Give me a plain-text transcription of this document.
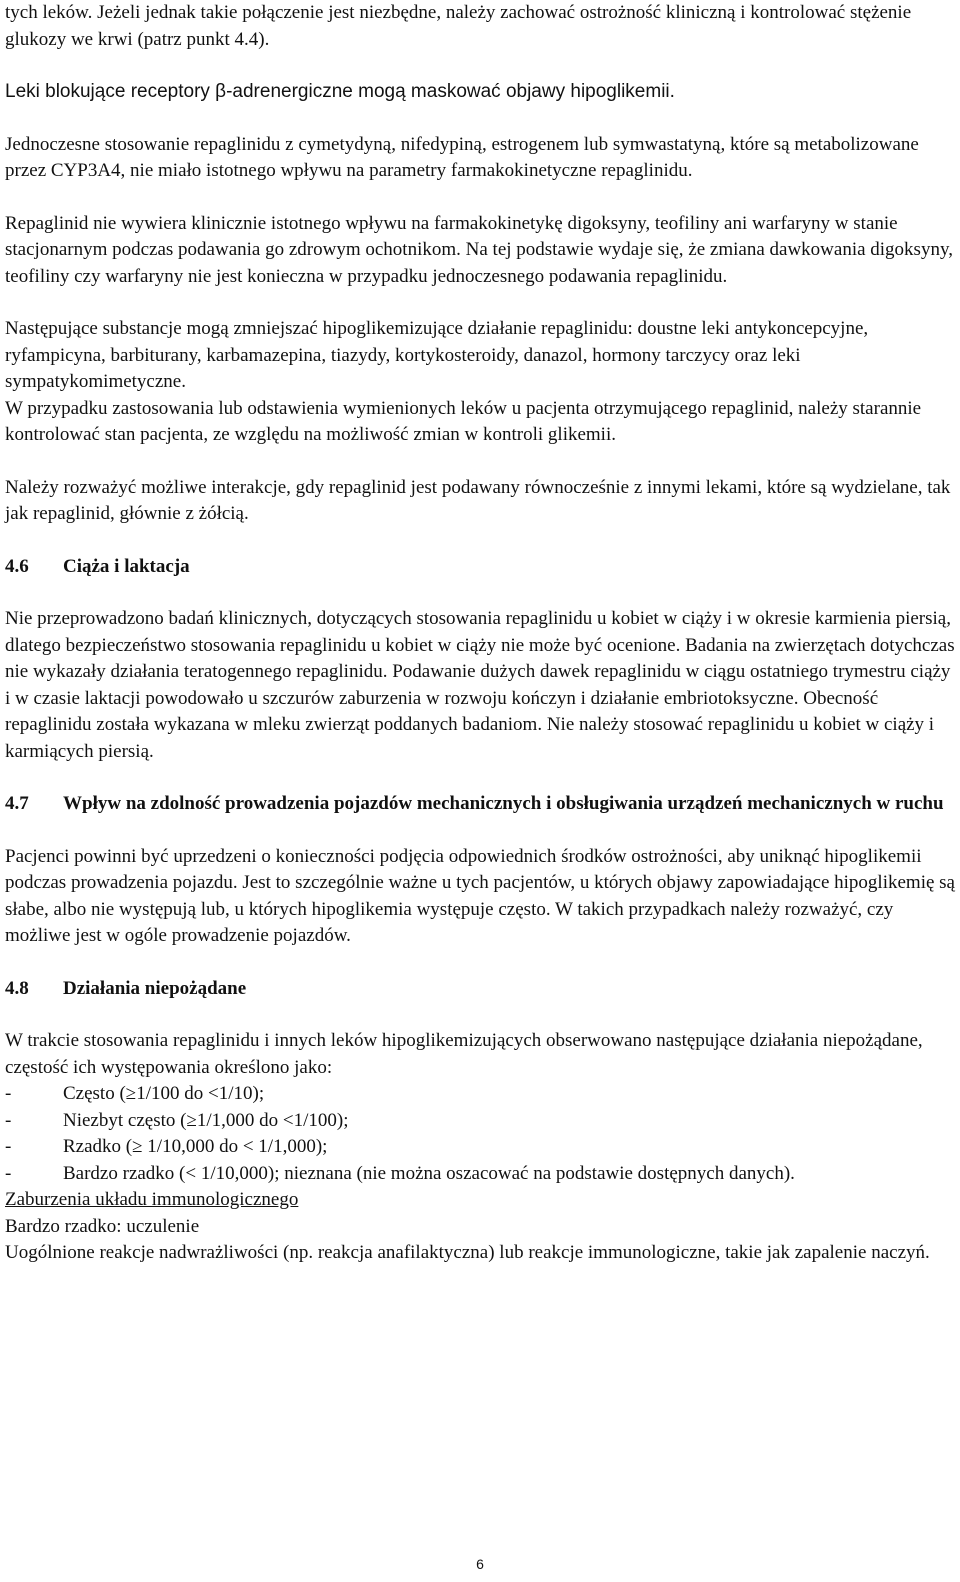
tych leków. Jeżeli jednak takie połączenie jest niezbędne, należy zachować ostrożność kliniczną i kontrolować stężenie glukozy we krwi (patrz punkt 4.4).

Leki blokujące receptory β-adrenergiczne mogą maskować objawy hipoglikemii.

Jednoczesne stosowanie repaglinidu z cymetydyną, nifedypiną, estrogenem lub symwastatyną, które są metabolizowane przez CYP3A4, nie miało istotnego wpływu na parametry farmakokinetyczne repaglinidu.

Repaglinid nie wywiera klinicznie istotnego wpływu na farmakokinetykę digoksyny, teofiliny ani warfaryny w stanie stacjonarnym podczas podawania go zdrowym ochotnikom. Na tej podstawie wydaje się, że zmiana dawkowania digoksyny, teofiliny czy warfaryny nie jest konieczna w przypadku jednoczesnego podawania repaglinidu.

Następujące substancje mogą zmniejszać hipoglikemizujące działanie repaglinidu: doustne leki antykoncepcyjne, ryfampicyna, barbiturany, karbamazepina, tiazydy, kortykosteroidy, danazol, hormony tarczycy oraz leki sympatykomimetyczne.

W przypadku zastosowania lub odstawienia wymienionych leków u pacjenta otrzymującego repaglinid, należy starannie kontrolować stan pacjenta, ze względu na możliwość zmian w kontroli glikemii.

Należy rozważyć możliwe interakcje, gdy repaglinid jest podawany równocześnie z innymi lekami, które są wydzielane, tak jak repaglinid, głównie z żółcią.

4.6	Ciąża i laktacja

Nie przeprowadzono badań klinicznych, dotyczących stosowania repaglinidu u kobiet w ciąży i w okresie karmienia piersią, dlatego bezpieczeństwo stosowania repaglinidu u kobiet w ciąży nie może być ocenione. Badania na zwierzętach dotychczas nie wykazały działania teratogennego repaglinidu. Podawanie dużych dawek repaglinidu w ciągu ostatniego trymestru ciąży i w czasie laktacji powodowało u szczurów zaburzenia w rozwoju kończyn i działanie embriotoksyczne. Obecność repaglinidu została wykazana w mleku zwierząt poddanych badaniom. Nie należy stosować repaglinidu u kobiet w ciąży i karmiących piersią.

4.7	Wpływ na zdolność prowadzenia pojazdów mechanicznych i obsługiwania urządzeń mechanicznych w ruchu

Pacjenci powinni być uprzedzeni o konieczności podjęcia odpowiednich środków ostrożności, aby uniknąć hipoglikemii podczas prowadzenia pojazdu. Jest to szczególnie ważne u tych pacjentów, u których objawy zapowiadające hipoglikemię są słabe, albo nie występują lub, u których hipoglikemia występuje często. W takich przypadkach należy rozważyć, czy możliwe jest w ogóle prowadzenie pojazdów.

4.8	Działania niepożądane

W trakcie stosowania repaglinidu i innych leków hipoglikemizujących obserwowano następujące działania niepożądane, częstość ich występowania określono jako:

-	Często (≥1/100 do <1/10);
-	Niezbyt często (≥1/1,000 do <1/100);
-	Rzadko (≥ 1/10,000 do < 1/1,000);
-	Bardzo rzadko (< 1/10,000); nieznana (nie można oszacować na podstawie dostępnych danych).

Zaburzenia układu immunologicznego

Bardzo rzadko: uczulenie

Uogólnione reakcje nadwrażliwości (np. reakcja anafilaktyczna) lub reakcje immunologiczne, takie jak zapalenie naczyń.

6
